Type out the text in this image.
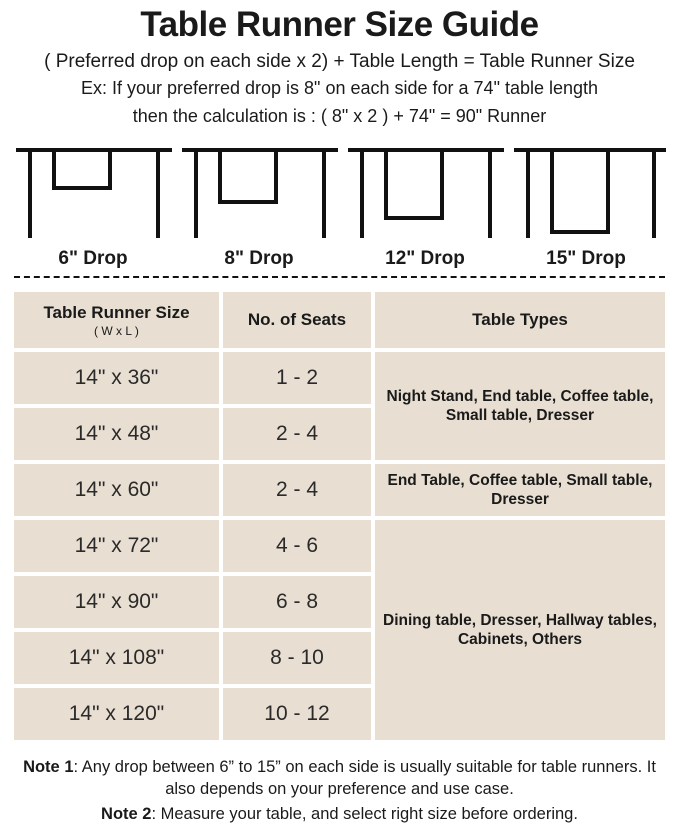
Table Runner Size Guide
( Preferred drop on each side x 2) + Table Length = Table Runner Size
Ex: If your preferred drop is 8" on each side for a 74" table length
then the calculation is : ( 8" x 2 ) + 74" = 90" Runner
6" Drop	8" Drop	12" Drop	15" Drop
Table Runner Size
( W x L )	No. of Seats	Table Types
14" x 36"	1 - 2	Night Stand, End table, Coffee table, Small table, Dresser
14" x 48"	2 - 4	
14" x 60"	2 - 4	End Table, Coffee table, Small table, Dresser
14" x 72"	4 - 6	Dining table, Dresser, Hallway tables, Cabinets, Others
14" x 90"	6 - 8	
14" x 108"	8 - 10	
14" x 120"	10 - 12	

Note 1: Any drop between 6” to 15” on each side is usually suitable for table runners. It also depends on your preference and use case.

Note 2: Measure your table, and select right size before ordering.
